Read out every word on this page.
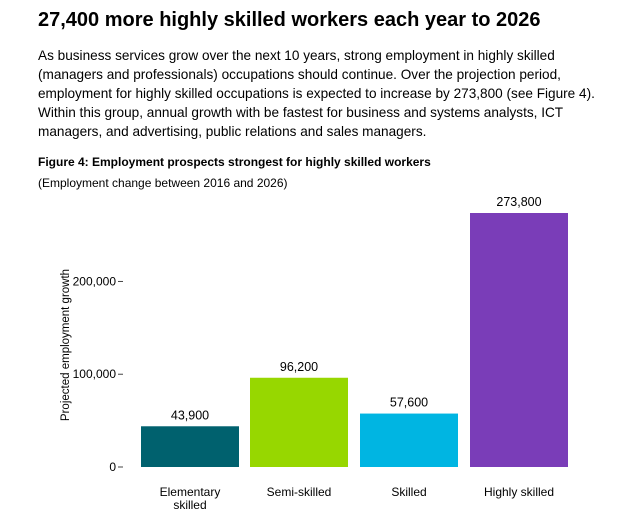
27,400 more highly skilled workers each year to 2026

As business services grow over the next 10 years, strong employment in highly skilled (managers and professionals) occupations should continue. Over the projection period, employment for highly skilled occupations is expected to increase by 273,800 (see Figure 4). Within this group, annual growth with be fastest for business and systems analysts, ICT managers, and advertising, public relations and sales managers.

Figure 4: Employment prospects strongest for highly skilled workers

(Employment change between 2016 and 2026)

Projected employment growth
0
100,000
200,000
43,900
Elementary
skilled
96,200
Semi-skilled
57,600
Skilled
273,800
Highly skilled
